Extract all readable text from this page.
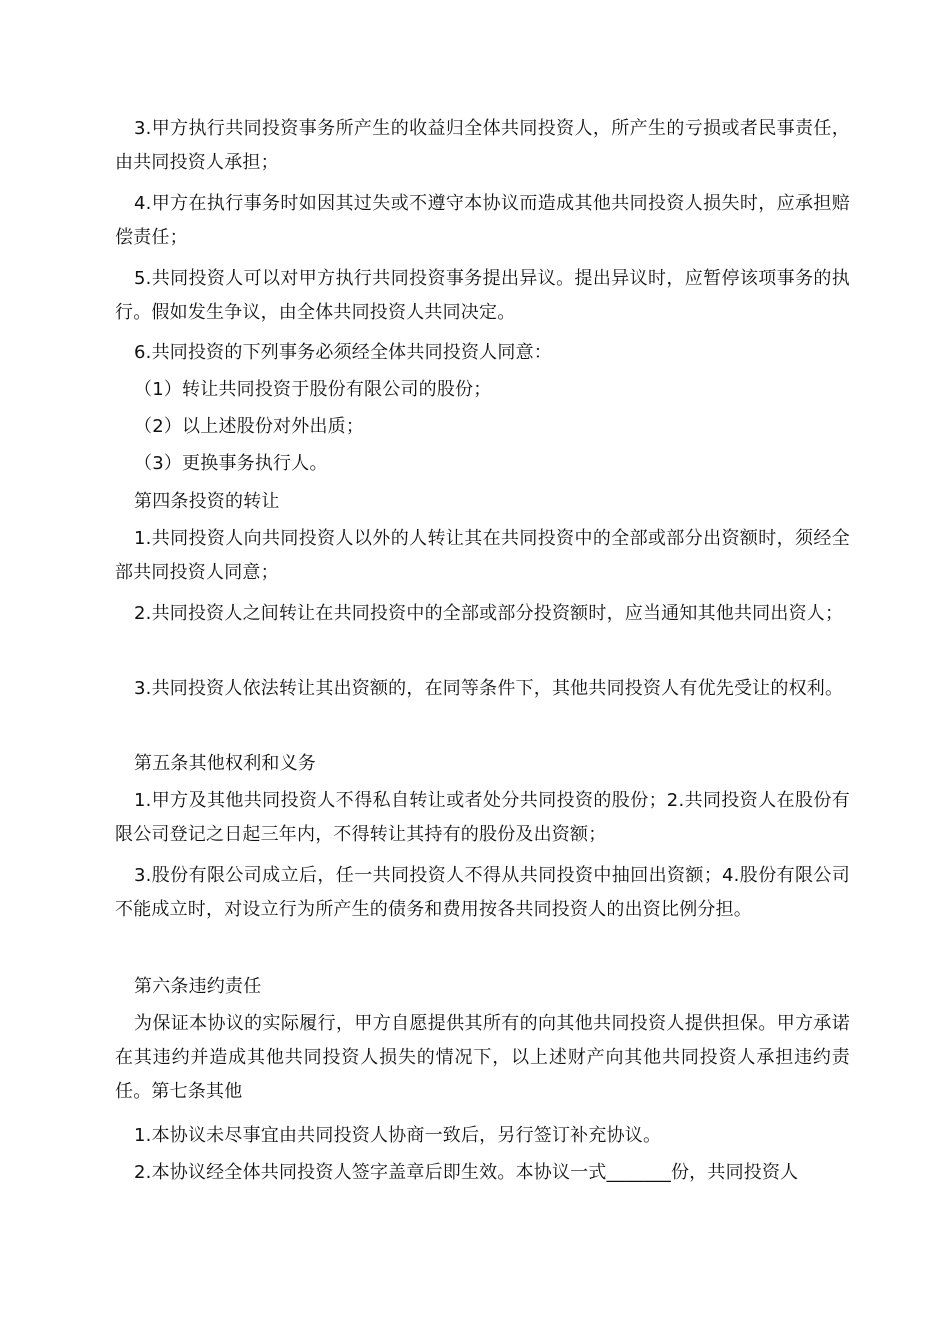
3.甲方执行共同投资事务所产生的收益归全体共同投资人，所产生的亏损或者民事责任，由共同投资人承担；

4.甲方在执行事务时如因其过失或不遵守本协议而造成其他共同投资人损失时，应承担赔偿责任；

5.共同投资人可以对甲方执行共同投资事务提出异议。提出异议时，应暂停该项事务的执行。假如发生争议，由全体共同投资人共同决定。

6.共同投资的下列事务必须经全体共同投资人同意：

（1）转让共同投资于股份有限公司的股份；

（2）以上述股份对外出质；

（3）更换事务执行人。

第四条投资的转让

1.共同投资人向共同投资人以外的人转让其在共同投资中的全部或部分出资额时，须经全部共同投资人同意；

2.共同投资人之间转让在共同投资中的全部或部分投资额时，应当通知其他共同出资人；

3.共同投资人依法转让其出资额的，在同等条件下，其他共同投资人有优先受让的权利。

第五条其他权利和义务

1.甲方及其他共同投资人不得私自转让或者处分共同投资的股份；2.共同投资人在股份有限公司登记之日起三年内，不得转让其持有的股份及出资额；

3.股份有限公司成立后，任一共同投资人不得从共同投资中抽回出资额；4.股份有限公司不能成立时，对设立行为所产生的债务和费用按各共同投资人的出资比例分担。

第六条违约责任

为保证本协议的实际履行，甲方自愿提供其所有的向其他共同投资人提供担保。甲方承诺在其违约并造成其他共同投资人损失的情况下，以上述财产向其他共同投资人承担违约责任。第七条其他

1.本协议未尽事宜由共同投资人协商一致后，另行签订补充协议。

2.本协议经全体共同投资人签字盖章后即生效。本协议一式_______份，共同投资人
